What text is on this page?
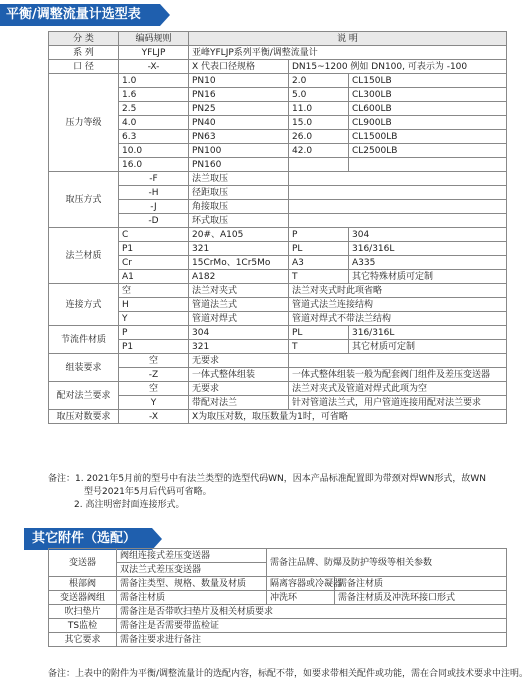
平衡/调整流量计选型表
分 类	编码规则	说 明		
系 列	YFLJP	亚峰YFLJP系列平衡/调整流量计		
口 径	-X-	X 代表口径规格	DN15~1200 例如 DN100, 可表示为 -100	
压力等级	1.0	PN10	2.0	CL150LB
	1.6	PN16	5.0	CL300LB
	2.5	PN25	11.0	CL600LB
	4.0	PN40	15.0	CL900LB
	6.3	PN63	26.0	CL1500LB
	10.0	PN100	42.0	CL2500LB
	16.0	PN160		
取压方式	-F	法兰取压		
	-H	径距取压		
	-J	角接取压		
	-D	环式取压		
法兰材质	C	20#、A105	P	304
	P1	321	PL	316/316L
	Cr	15CrMo、1Cr5Mo	A3	A335
	A1	A182	T	其它特殊材质可定制
连接方式	空	法兰对夹式	法兰对夹式时此项省略	
	H	管道法兰式	管道式法兰连接结构	
	Y	管道对焊式	管道对焊式不带法兰结构	
节流件材质	P	304	PL	316/316L
	P1	321	T	其它材质可定制
组装要求	空	无要求		
	-Z	一体式整体组装	一体式整体组装一般为配套阀门组件及差压变送器	
配对法兰要求	空	无要求	法兰对夹式及管道对焊式此项为空	
	Y	带配对法兰	针对管道法兰式，用户管道连接用配对法兰要求	
取压对数要求	-X	X为取压对数，取压数量为1时，可省略		
备注：1. 2021年5月前的型号中有法兰类型的选型代码WN，因本产品标准配置即为带颈对焊WN形式，故WN
型号2021年5月后代码可省略。
2. 高注明密封面连接形式。
其它附件（选配）
变送器	阀组连接式差压变送器	需备注品牌、防爆及防护等级等相关参数	
	双法兰式差压变送器		
根部阀	需备注类型、规格、数量及材质	隔离容器或冷凝器	需备注材质
变送器阀组	需备注材质	冲洗环	需备注材质及冲洗环接口形式
吹扫垫片	需备注是否带吹扫垫片及相关材质要求		
TS监检	需备注是否需要带监检证		
其它要求	需备注要求进行备注		
备注：上表中的附件为平衡/调整流量计的选配内容，标配不带，如要求带相关配件或功能，需在合同或技术要求中注明。
